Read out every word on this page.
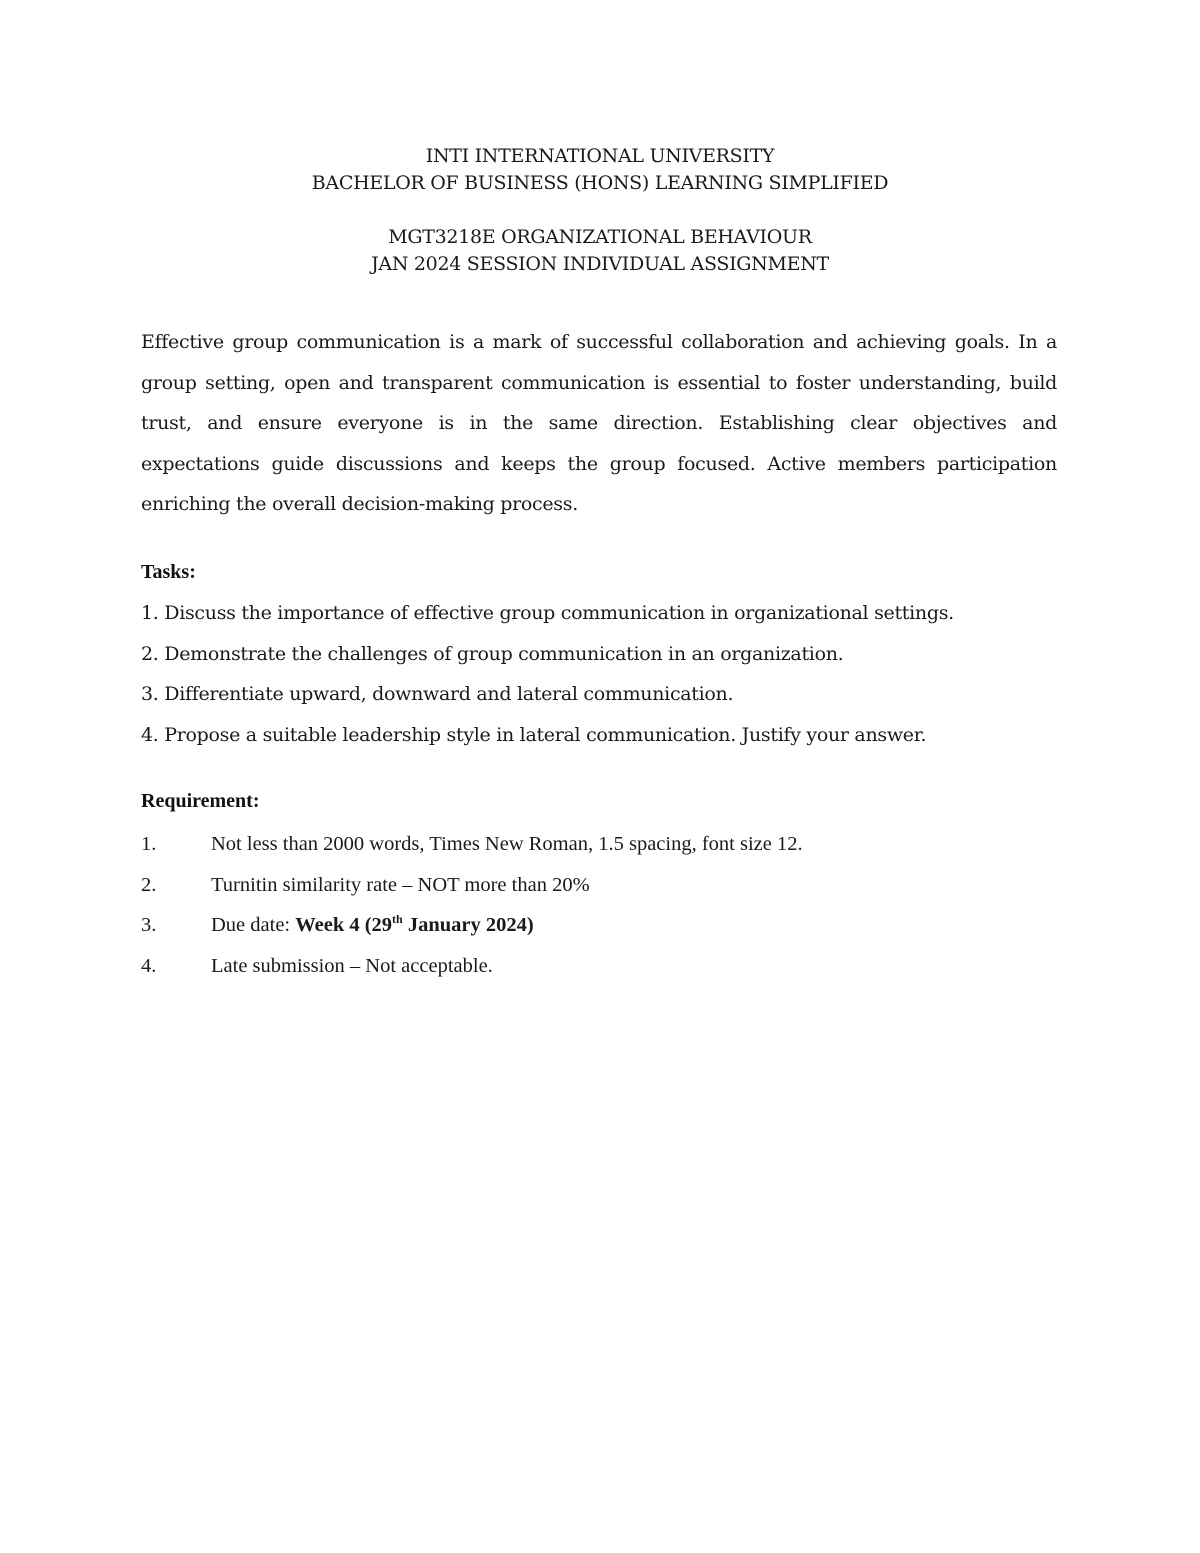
INTI INTERNATIONAL UNIVERSITY
BACHELOR OF BUSINESS (HONS) LEARNING SIMPLIFIED
MGT3218E ORGANIZATIONAL BEHAVIOUR
JAN 2024 SESSION INDIVIDUAL ASSIGNMENT

Effective group communication is a mark of successful collaboration and achieving goals. In a group setting, open and transparent communication is essential to foster understanding, build trust, and ensure everyone is in the same direction. Establishing clear objectives and expectations guide discussions and keeps the group focused. Active members participation enriching the overall decision-making process.

Tasks:
1. Discuss the importance of effective group communication in organizational settings.
2. Demonstrate the challenges of group communication in an organization.
3. Differentiate upward, downward and lateral communication.
4. Propose a suitable leadership style in lateral communication. Justify your answer.
Requirement:
1.	Not less than 2000 words, Times New Roman, 1.5 spacing, font size 12.
2.	Turnitin similarity rate – NOT more than 20%
3.	Due date: Week 4 (29th January 2024)
4.	Late submission – Not acceptable.
